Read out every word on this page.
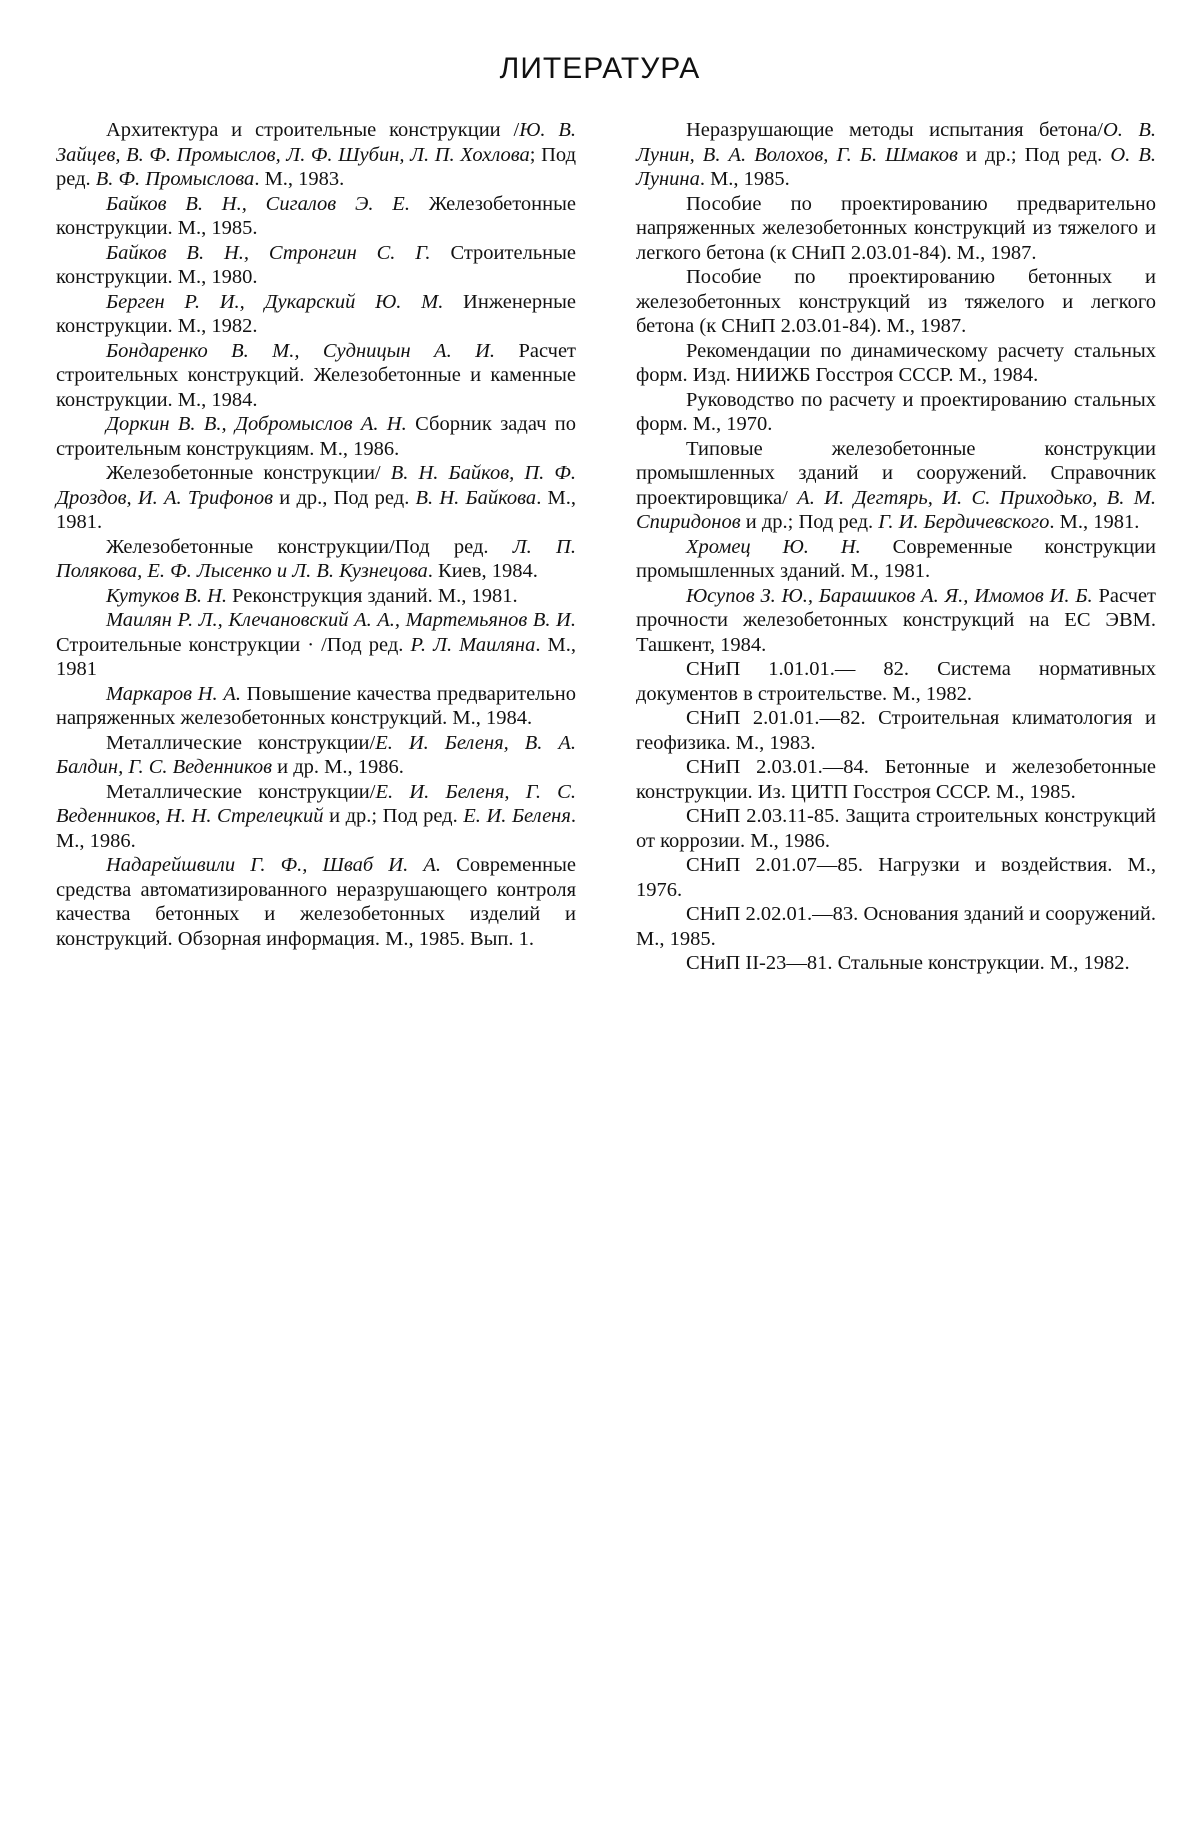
ЛИТЕРАТУРА

Архитектура и строительные конструкции /Ю. В. Зайцев, В. Ф. Промыслов, Л. Ф. Шубин, Л. П. Хохлова; Под ред. В. Ф. Промыслова. М., 1983.

Байков В. Н., Сигалов Э. Е. Железобетонные конструкции. М., 1985.

Байков В. Н., Стронгин С. Г. Строительные конструкции. М., 1980.

Берген Р. И., Дукарский Ю. М. Инженерные конструкции. М., 1982.

Бондаренко В. М., Судницын А. И. Расчет строительных конструкций. Железобетонные и каменные конструкции. М., 1984.

Доркин В. В., Добромыслов А. Н. Сборник задач по строительным конструкциям. М., 1986.

Железобетонные конструкции/ В. Н. Байков, П. Ф. Дроздов, И. А. Трифонов и др., Под ред. В. Н. Байкова. М., 1981.

Железобетонные конструкции/Под ред. Л. П. Полякова, Е. Ф. Лысенко и Л. В. Кузнецова. Киев, 1984.

Кутуков В. Н. Реконструкция зданий. М., 1981.

Маилян Р. Л., Клечановский А. А., Мартемьянов В. И. Строительные конструкции · /Под ред. Р. Л. Маиляна. М., 1981

Маркаров Н. А. Повышение качества предварительно напряженных железобетонных конструкций. М., 1984.

Металлические конструкции/Е. И. Беленя, В. А. Балдин, Г. С. Веденников и др. М., 1986.

Металлические конструкции/Е. И. Беленя, Г. С. Веденников, Н. Н. Стрелецкий и др.; Под ред. Е. И. Беленя. М., 1986.

Надарейшвили Г. Ф., Шваб И. А. Современные средства автоматизированного неразрушающего контроля качества бетонных и железобетонных изделий и конструкций. Обзорная информация. М., 1985. Вып. 1.

Неразрушающие методы испытания бетона/О. В. Лунин, В. А. Волохов, Г. Б. Шмаков и др.; Под ред. О. В. Лунина. М., 1985.

Пособие по проектированию предварительно напряженных железобетонных конструкций из тяжелого и легкого бетона (к СНиП 2.03.01-84). М., 1987.

Пособие по проектированию бетонных и железобетонных конструкций из тяжелого и легкого бетона (к СНиП 2.03.01-84). М., 1987.

Рекомендации по динамическому расчету стальных форм. Изд. НИИЖБ Госстроя СССР. М., 1984.

Руководство по расчету и проектированию стальных форм. М., 1970.

Типовые железобетонные конструкции промышленных зданий и сооружений. Справочник проектировщика/ А. И. Дегтярь, И. С. Приходько, В. М. Спиридонов и др.; Под ред. Г. И. Бердичевского. М., 1981.

Хромец Ю. Н. Современные конструкции промышленных зданий. М., 1981.

Юсупов З. Ю., Барашиков А. Я., Имомов И. Б. Расчет прочности железобетонных конструкций на ЕС ЭВМ. Ташкент, 1984.

СНиП 1.01.01.— 82. Система нормативных документов в строительстве. М., 1982.

СНиП 2.01.01.—82. Строительная климатология и геофизика. М., 1983.

СНиП 2.03.01.—84. Бетонные и железобетонные конструкции. Из. ЦИТП Госстроя СССР. М., 1985.

СНиП 2.03.11-85. Защита строительных конструкций от коррозии. М., 1986.

СНиП 2.01.07—85. Нагрузки и воздействия. М., 1976.

СНиП 2.02.01.—83. Основания зданий и сооружений. М., 1985.

СНиП II-23—81. Стальные конструкции. М., 1982.
